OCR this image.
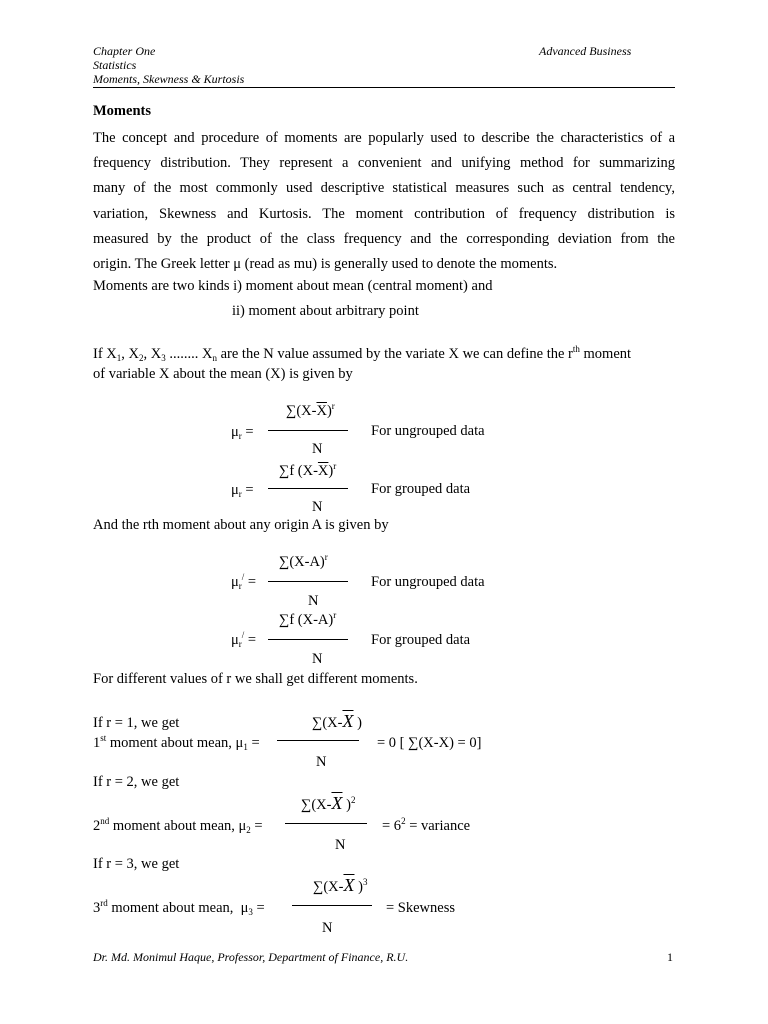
Chapter One
Statistics
Moments, Skewness & Kurtosis
Advanced Business
Moments
The concept and procedure of moments are popularly used to describe the characteristics of a
frequency distribution. They represent a convenient and unifying method for summarizing
many of the most commonly used descriptive statistical measures such as central tendency,
variation, Skewness and Kurtosis. The moment contribution of frequency distribution is
measured by the product of the class frequency and the corresponding deviation from the
origin. The Greek letter μ (read as mu) is generally used to denote the moments.
Moments are two kinds i) moment about mean (central moment) and
ii) moment about arbitrary point
If $X_1$, $X_2$, $X_3$ ........ $X_n$ are the N value assumed by the variate X we can define the $r^{th}$ moment
of variable X about the mean (X) is given by
$\sum(X-\overline{X})^r$
$\mu_r$ =	For ungrouped data
N
∑f $(X-\overline{X})^r$
$\mu_r$ =	For grouped data
N
And the rth moment about any origin A is given by
$\sum(X-A)^r$
$\mu_r^/$ =	For ungrouped data
N
∑f $(X-A)^r$
$\mu_r^/$ =	For grouped data
N
For different values of r we shall get different moments.
If r = 1, we get	$\sum(X-\overline{X}$ )
1st moment about mean, $\mu_1$ =	= 0 [ ∑(X-X) = 0]
N
If r = 2, we get
$\sum(X-\overline{X}$ )$^2$
2nd moment about mean, $\mu_2$ =	= $6^2$ = variance
N
If r = 3, we get
$\sum(X-\overline{X}$ )$^3$
3rd moment about mean,  $\mu_3$ =	= Skewness
N
Dr. Md. Monimul Haque, Professor, Department of Finance, R.U.	1
